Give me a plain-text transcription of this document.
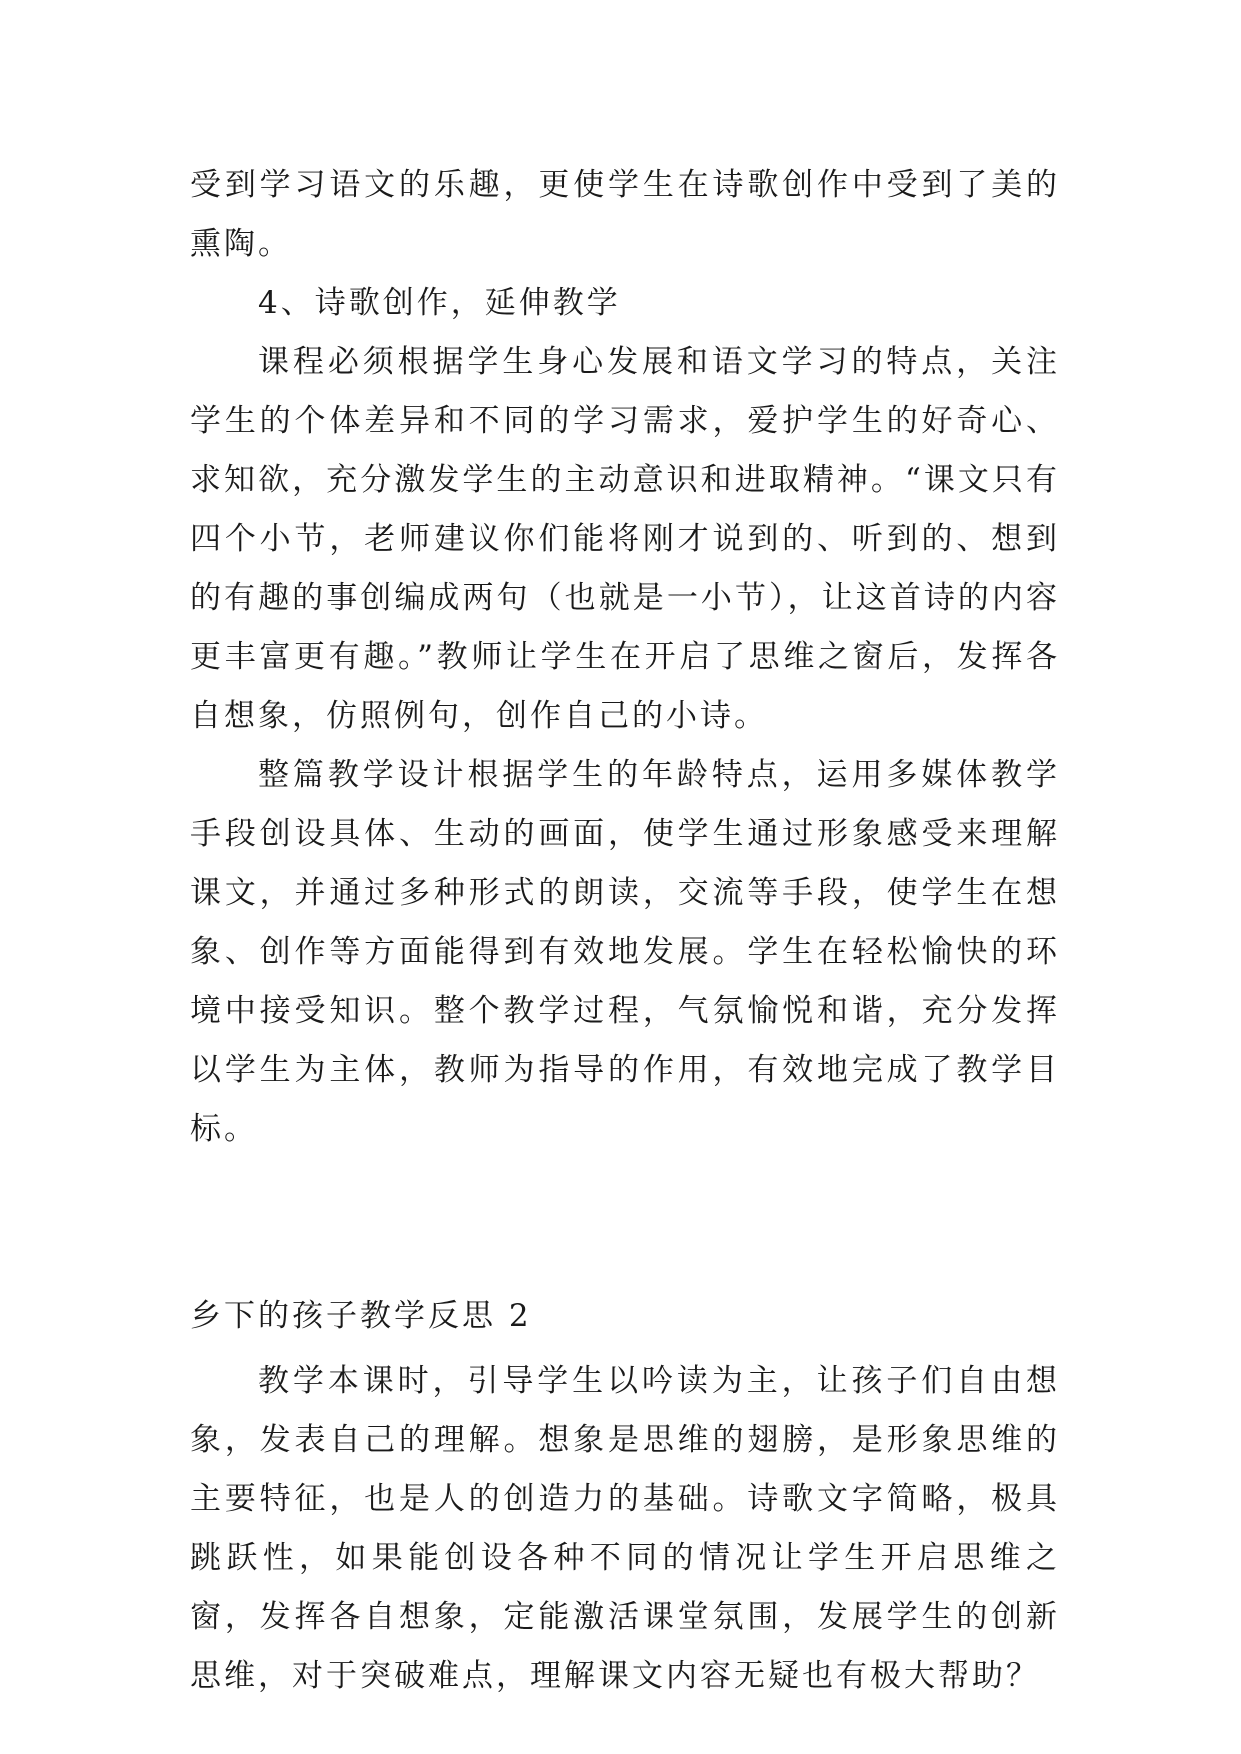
受到学习语文的乐趣，更使学生在诗歌创作中受到了美的熏陶。

4、诗歌创作，延伸教学

课程必须根据学生身心发展和语文学习的特点，关注学生的个体差异和不同的学习需求，爱护学生的好奇心、求知欲，充分激发学生的主动意识和进取精神。“课文只有四个小节，老师建议你们能将刚才说到的、听到的、想到的有趣的事创编成两句（也就是一小节），让这首诗的内容更丰富更有趣。”教师让学生在开启了思维之窗后，发挥各自想象，仿照例句，创作自己的小诗。

整篇教学设计根据学生的年龄特点，运用多媒体教学手段创设具体、生动的画面，使学生通过形象感受来理解课文，并通过多种形式的朗读，交流等手段，使学生在想象、创作等方面能得到有效地发展。学生在轻松愉快的环境中接受知识。整个教学过程，气氛愉悦和谐，充分发挥以学生为主体，教师为指导的作用，有效地完成了教学目标。

乡下的孩子教学反思 2

教学本课时，引导学生以吟读为主，让孩子们自由想象，发表自己的理解。想象是思维的翅膀，是形象思维的主要特征，也是人的创造力的基础。诗歌文字简略，极具跳跃性，如果能创设各种不同的情况让学生开启思维之窗，发挥各自想象，定能激活课堂氛围，发展学生的创新思维，对于突破难点，理解课文内容无疑也有极大帮助？
